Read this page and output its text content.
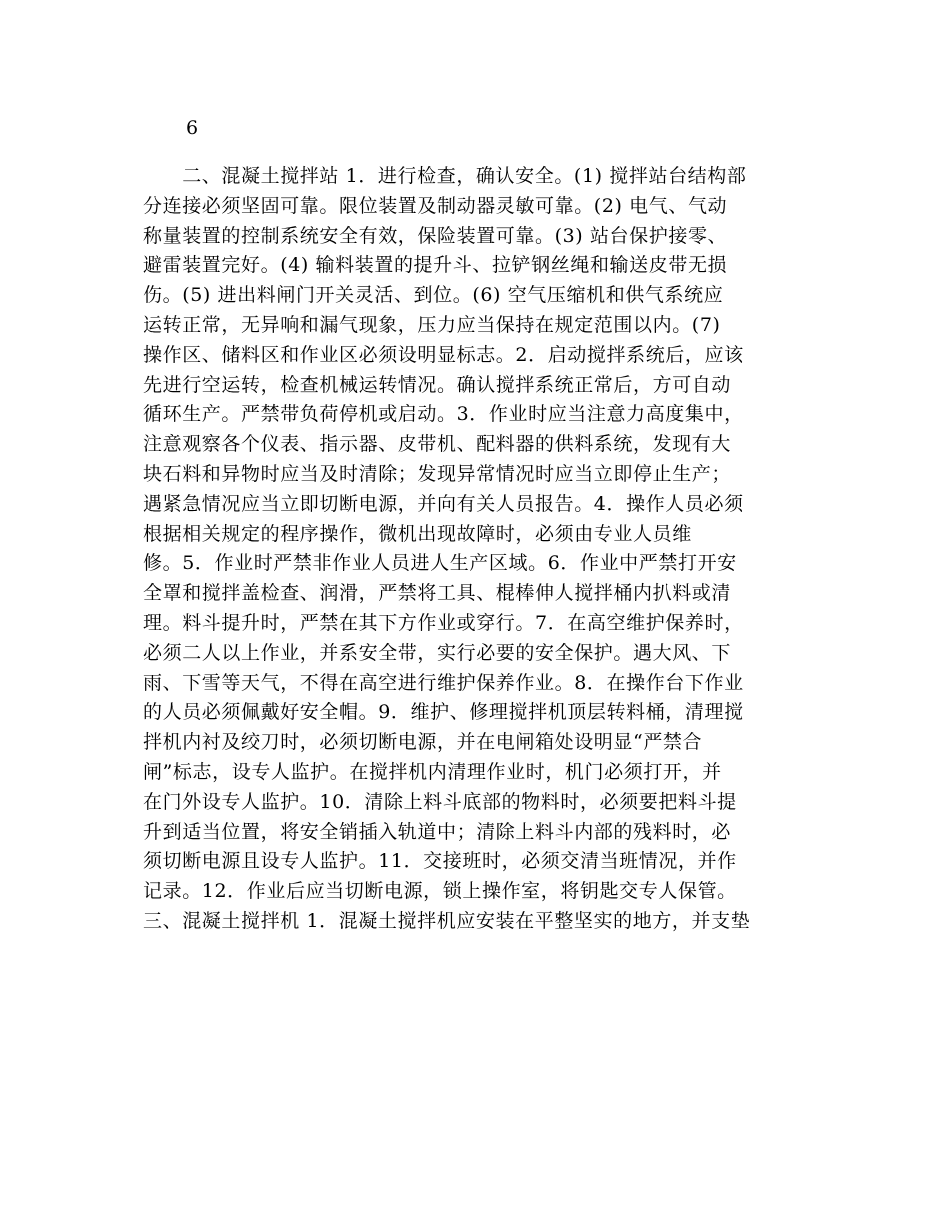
6
　　二、混凝土搅拌站 1．进行检查，确认安全。(1) 搅拌站台结构部
分连接必须坚固可靠。限位装置及制动器灵敏可靠。(2) 电气、气动
称量装置的控制系统安全有效，保险装置可靠。(3) 站台保护接零、
避雷装置完好。(4) 输料装置的提升斗、拉铲钢丝绳和输送皮带无损
伤。(5) 进出料闸门开关灵活、到位。(6) 空气压缩机和供气系统应
运转正常，无异响和漏气现象，压力应当保持在规定范围以内。(7)
操作区、储料区和作业区必须设明显标志。2．启动搅拌系统后，应该
先进行空运转，检查机械运转情况。确认搅拌系统正常后，方可自动
循环生产。严禁带负荷停机或启动。3．作业时应当注意力高度集中，
注意观察各个仪表、指示器、皮带机、配料器的供料系统，发现有大
块石料和异物时应当及时清除；发现异常情况时应当立即停止生产；
遇紧急情况应当立即切断电源，并向有关人员报告。4．操作人员必须
根据相关规定的程序操作，微机出现故障时，必须由专业人员维
修。5．作业时严禁非作业人员进人生产区域。6．作业中严禁打开安
全罩和搅拌盖检查、润滑，严禁将工具、棍棒伸人搅拌桶内扒料或清
理。料斗提升时，严禁在其下方作业或穿行。7．在高空维护保养时，
必须二人以上作业，并系安全带，实行必要的安全保护。遇大风、下
雨、下雪等天气，不得在高空进行维护保养作业。8．在操作台下作业
的人员必须佩戴好安全帽。9．维护、修理搅拌机顶层转料桶，清理搅
拌机内衬及绞刀时，必须切断电源，并在电闸箱处设明显“严禁合
闸”标志，设专人监护。在搅拌机内清理作业时，机门必须打开，并
在门外设专人监护。10．清除上料斗底部的物料时，必须要把料斗提
升到适当位置，将安全销插入轨道中；清除上料斗内部的残料时，必
须切断电源且设专人监护。11．交接班时，必须交清当班情况，并作
记录。12．作业后应当切断电源，锁上操作室，将钥匙交专人保管。
三、混凝土搅拌机 1．混凝土搅拌机应安装在平整坚实的地方，并支垫
